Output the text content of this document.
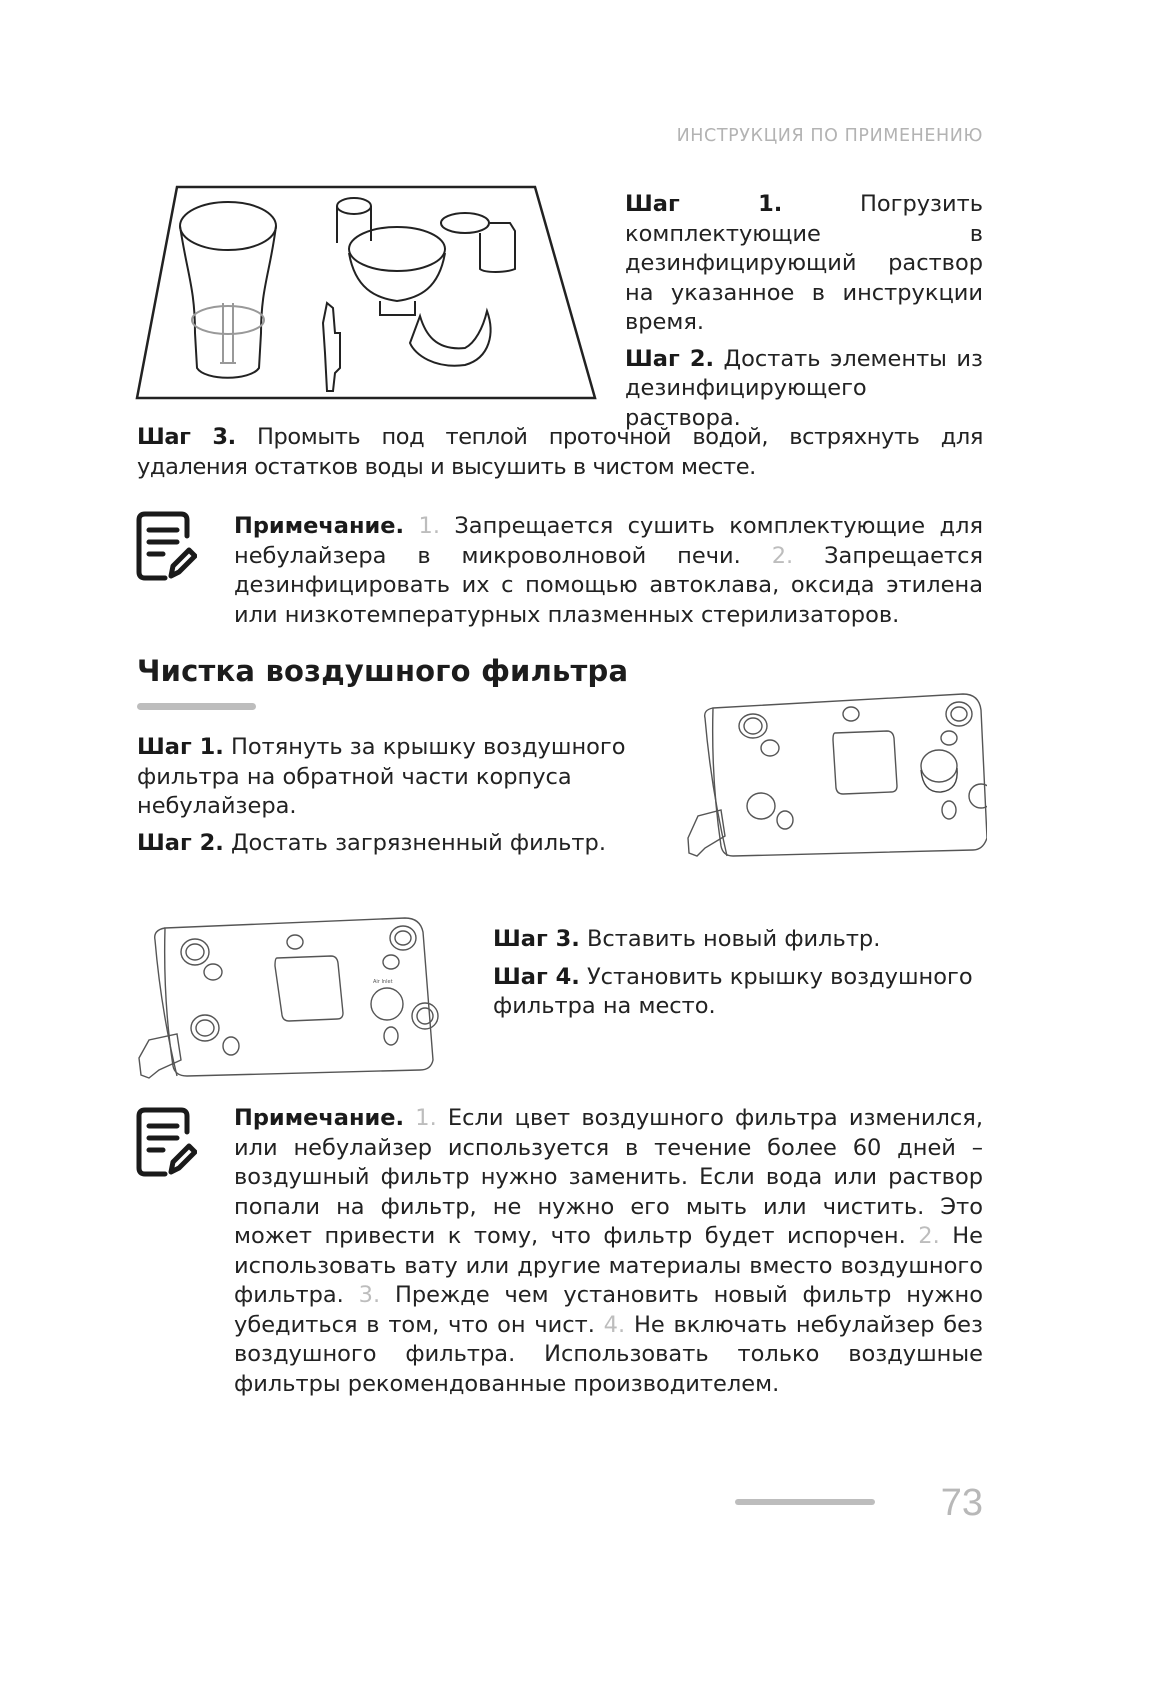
ИНСТРУКЦИЯ ПО ПРИМЕНЕНИЮ

Шаг 1.	Погрузить комплектующие в дезинфицирующий раствор на указанное в инструкции время.

Шаг 2. Достать элементы из дезинфицирующего раствора.

Шаг 3. Промыть под теплой проточной водой, встряхнуть для удаления остатков воды и высушить в чистом месте.

Примечание. 1. Запрещается сушить комплектующие для небулайзера в микроволновой печи. 2. Запрещается дезинфицировать их с помощью автоклава, оксида этилена или низкотемпературных плазменных стерилизаторов.
Чистка воздушного фильтра

Шаг 1. Потянуть за крышку воздушного фильтра на обратной части корпуса небулайзера.

Шаг 2. Достать загрязненный фильтр.

Air Inlet

Шаг 3. Вставить новый фильтр.

Шаг 4. Установить крышку воздушного фильтра на место.

Примечание. 1. Если цвет воздушного фильтра изменился, или небулайзер используется в течение более 60 дней – воздушный фильтр нужно заменить. Если вода или раствор попали на фильтр, не нужно его мыть или чистить. Это может привести к тому, что фильтр будет испорчен. 2. Не использовать вату или другие материалы вместо воздушного фильтра. 3. Прежде чем установить новый фильтр нужно убедиться в том, что он чист. 4. Не включать небулайзер без воздушного фильтра. Использовать только воздушные фильтры рекомендованные производителем.
73
